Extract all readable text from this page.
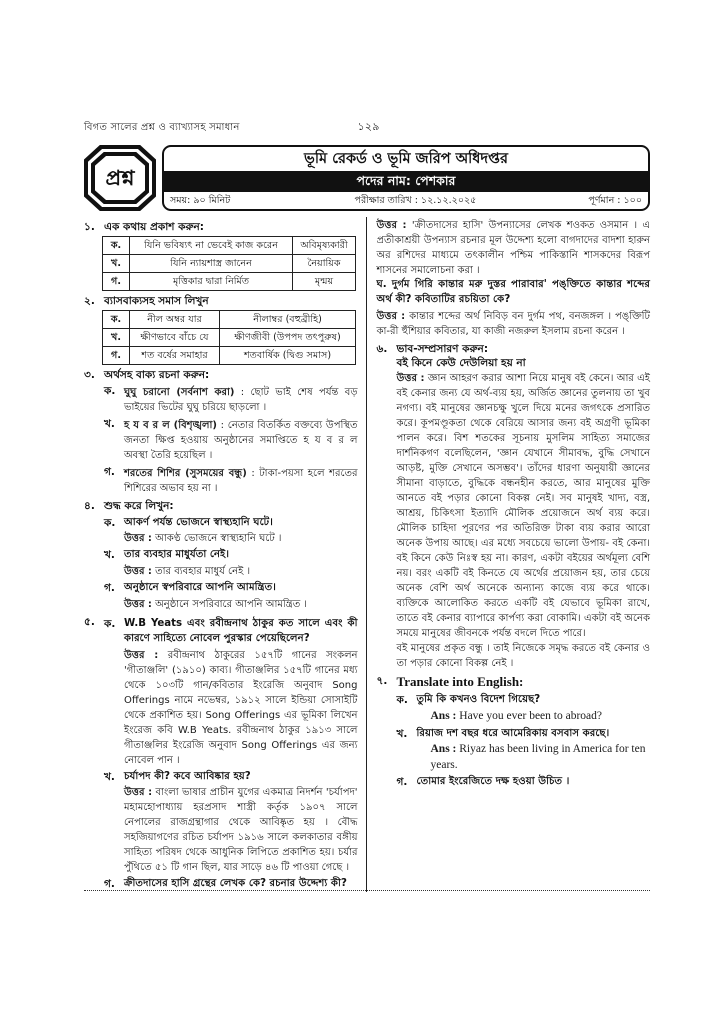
বিগত সালের প্রশ্ন ও ব্যাখ্যাসহ সমাধান	১২৯
প্রশ্ন
ভূমি রেকর্ড ও ভূমি জরিপ অধিদপ্তর
পদের নাম: পেশকার
সময়: ৯০ মিনিট	পরীক্ষার তারিখ : ১২.১২.২০২৫	পূর্ণমান : ১০০
১. এক কথায় প্রকাশ করুন:
ক.	যিনি ভবিষ্যৎ না ভেবেই কাজ করেন	অবিমৃষ্যকারী
খ.	যিনি ন্যায়শাস্ত্র জানেন	নৈয়ায়িক
গ.	মৃত্তিকার দ্বারা নির্মিত	মৃন্ময়
২. ব্যাসবাক্যসহ সমাস লিখুন
ক.	নীল অম্বর যার	নীলাম্বর (বহুব্রীহি)
খ.	ক্ষীণভাবে বাঁচে যে	ক্ষীণজীবী (উপপদ তৎপুরুষ)
গ.	শত বর্ষের সমাহার	শতবার্ষিক (দ্বিগু সমাস)
৩. অর্থসহ বাক্য রচনা করুন:
ক. ঘুঘু চরানো (সর্বনাশ করা) : ছোট ভাই শেষ পর্যন্ত বড় ভাইয়ের ভিটের ঘুঘু চরিয়ে ছাড়লো ।
খ. হ য ব র ল (বিশৃঙ্খলা) : নেতার বিতর্কিত বক্তব্যে উপস্থিত জনতা ক্ষিপ্ত হওয়ায় অনুষ্ঠানের সমাপ্তিতে হ য ব র ল অবস্থা তৈরি হয়েছিল ।
গ. শরতের শিশির (সুসময়ের বন্ধু) : টাকা-পয়সা হলে শরতের শিশিরের অভাব হয় না ।
৪. শুদ্ধ করে লিখুন:
ক. আকর্ণ পর্যন্ত ভোজনে স্বাস্থ্যহানি ঘটে।
উত্তর : আকণ্ঠ ভোজনে স্বাস্থ্যহানি ঘটে ।
খ. তার ব্যবহার মাধুর্যতা নেই।
উত্তর : তার ব্যবহার মাধুর্য নেই ।
গ. অনুষ্ঠানে স্বপরিবারে আপনি আমন্ত্রিত।
উত্তর : অনুষ্ঠানে সপরিবারে আপনি আমন্ত্রিত ।
৫. ক. W.B Yeats এবং রবীন্দ্রনাথ ঠাকুর কত সালে এবং কী কারণে সাহিত্যে নোবেল পুরস্কার পেয়েছিলেন?
উত্তর : রবীন্দ্রনাথ ঠাকুরের ১৫৭টি গানের সংকলন 'গীতাঞ্জলি' (১৯১০) কাব্য। গীতাঞ্জলির ১৫৭টি গানের মধ্য থেকে ১০৩টি গান/কবিতার ইংরেজি অনুবাদ Song Offerings নামে নভেম্বর, ১৯১২ সালে ইন্ডিয়া সোসাইটি থেকে প্রকাশিত হয়। Song Offerings এর ভূমিকা লিখেন ইংরেজ কবি W.B Yeats. রবীন্দ্রনাথ ঠাকুর ১৯১৩ সালে গীতাঞ্জলির ইংরেজি অনুবাদ Song Offerings এর জন্য নোবেল পান ।
খ. চর্যাপদ কী? কবে আবিষ্কার হয়?
উত্তর : বাংলা ভাষার প্রাচীন যুগের একমাত্র নিদর্শন 'চর্যাপদ' মহামহোপাধ্যায় হরপ্রসাদ শাস্ত্রী কর্তৃক ১৯০৭ সালে নেপালের রাজগ্রন্থাগার থেকে আবিষ্কৃত হয় । বৌদ্ধ সহজিয়াগণের রচিত চর্যাপদ ১৯১৬ সালে কলকাতার বঙ্গীয় সাহিত্য পরিষদ থেকে আধুনিক লিপিতে প্রকাশিত হয়। চর্যার পুঁথিতে ৫১ টি গান ছিল, যার সাড়ে ৪৬ টি পাওয়া গেছে ।
গ. ক্রীতদাসের হাসি গ্রন্থের লেখক কে? রচনার উদ্দেশ্য কী?
উত্তর : 'ক্রীতদাসের হাসি' উপন্যাসের লেখক শওকত ওসমান । এ প্রতীকাশ্রয়ী উপন্যাস রচনার মূল উদ্দেশ্য হলো বাগদাদের বাদশা হারুন অর রশিদের মাধ্যমে তৎকালীন পশ্চিম পাকিস্তানি শাসকদের বিরূপ শাসনের সমালোচনা করা ।
ঘ. দুর্গম গিরি কান্তার মরু দুস্তর পারাবার' পঙ্‌ক্তিতে কান্তার শব্দের অর্থ কী? কবিতাটির রচয়িতা কে?
উত্তর : কান্তার শব্দের অর্থ নিবিড় বন দুর্গম পথ, বনজঙ্গল । পঙ্‌ক্তিটি কা-রী হুঁশিয়ার কবিতার, যা কাজী নজরুল ইসলাম রচনা করেন ।
৬. ভাব-সম্প্রসারণ করুন:
বই কিনে কেউ দেউলিয়া হয় না
উত্তর : জ্ঞান আহরণ করার আশা নিয়ে মানুষ বই কেনে। আর এই বই কেনার জন্য যে অর্থ-ব্যয় হয়, অর্জিত জ্ঞানের তুলনায় তা খুব নগণ্য। বই মানুষের জ্ঞানচক্ষু খুলে দিয়ে মনের জগৎকে প্রসারিত করে। কূপমণ্ডূকতা থেকে বেরিয়ে আসার জন্য বই অগ্রণী ভূমিকা পালন করে। বিশ শতকের সূচনায় মুসলিম সাহিত্য সমাজের দার্শনিকগণ বলেছিলেন, 'জ্ঞান যেখানে সীমাবদ্ধ, বুদ্ধি সেখানে আড়ষ্ট, মুক্তি সেখানে অসম্ভব'। তাঁদের ধারণা অনুযায়ী জ্ঞানের সীমানা বাড়াতে, বুদ্ধিকে বন্ধনহীন করতে, আর মানুষের মুক্তি আনতে বই পড়ার কোনো বিকল্প নেই। সব মানুষই খাদ্য, বস্ত্র, আশ্রয়, চিকিৎসা ইত্যাদি মৌলিক প্রয়োজনে অর্থ ব্যয় করে। মৌলিক চাহিদা পূরণের পর অতিরিক্ত টাকা ব্যয় করার আরো অনেক উপায় আছে। এর মধ্যে সবচেয়ে ভালো উপায়- বই কেনা। বই কিনে কেউ নিঃস্ব হয় না। কারণ, একটা বইয়ের অর্থমূল্য বেশি নয়। বরং একটি বই কিনতে যে অর্থের প্রয়োজন হয়, তার চেয়ে অনেক বেশি অর্থ অনেকে অন্যান্য কাজে ব্যয় করে থাকে। ব্যক্তিকে আলোকিত করতে একটি বই যেভাবে ভূমিকা রাখে, তাতে বই কেনার ব্যাপারে কার্পণ্য করা বোকামি। একটা বই অনেক সময়ে মানুষের জীবনকে পর্যন্ত বদলে দিতে পারে।
বই মানুষের প্রকৃত বন্ধু । তাই নিজেকে সমৃদ্ধ করতে বই কেনার ও তা পড়ার কোনো বিকল্প নেই ।
৭. Translate into English:
ক. তুমি কি কখনও বিদেশ গিয়েছ?
Ans : Have you ever been to abroad?
খ. রিয়াজ দশ বছর ধরে আমেরিকায় বসবাস করছে।
Ans : Riyaz has been living in America for ten years.
গ. তোমার ইংরেজিতে দক্ষ হওয়া উচিত ।
